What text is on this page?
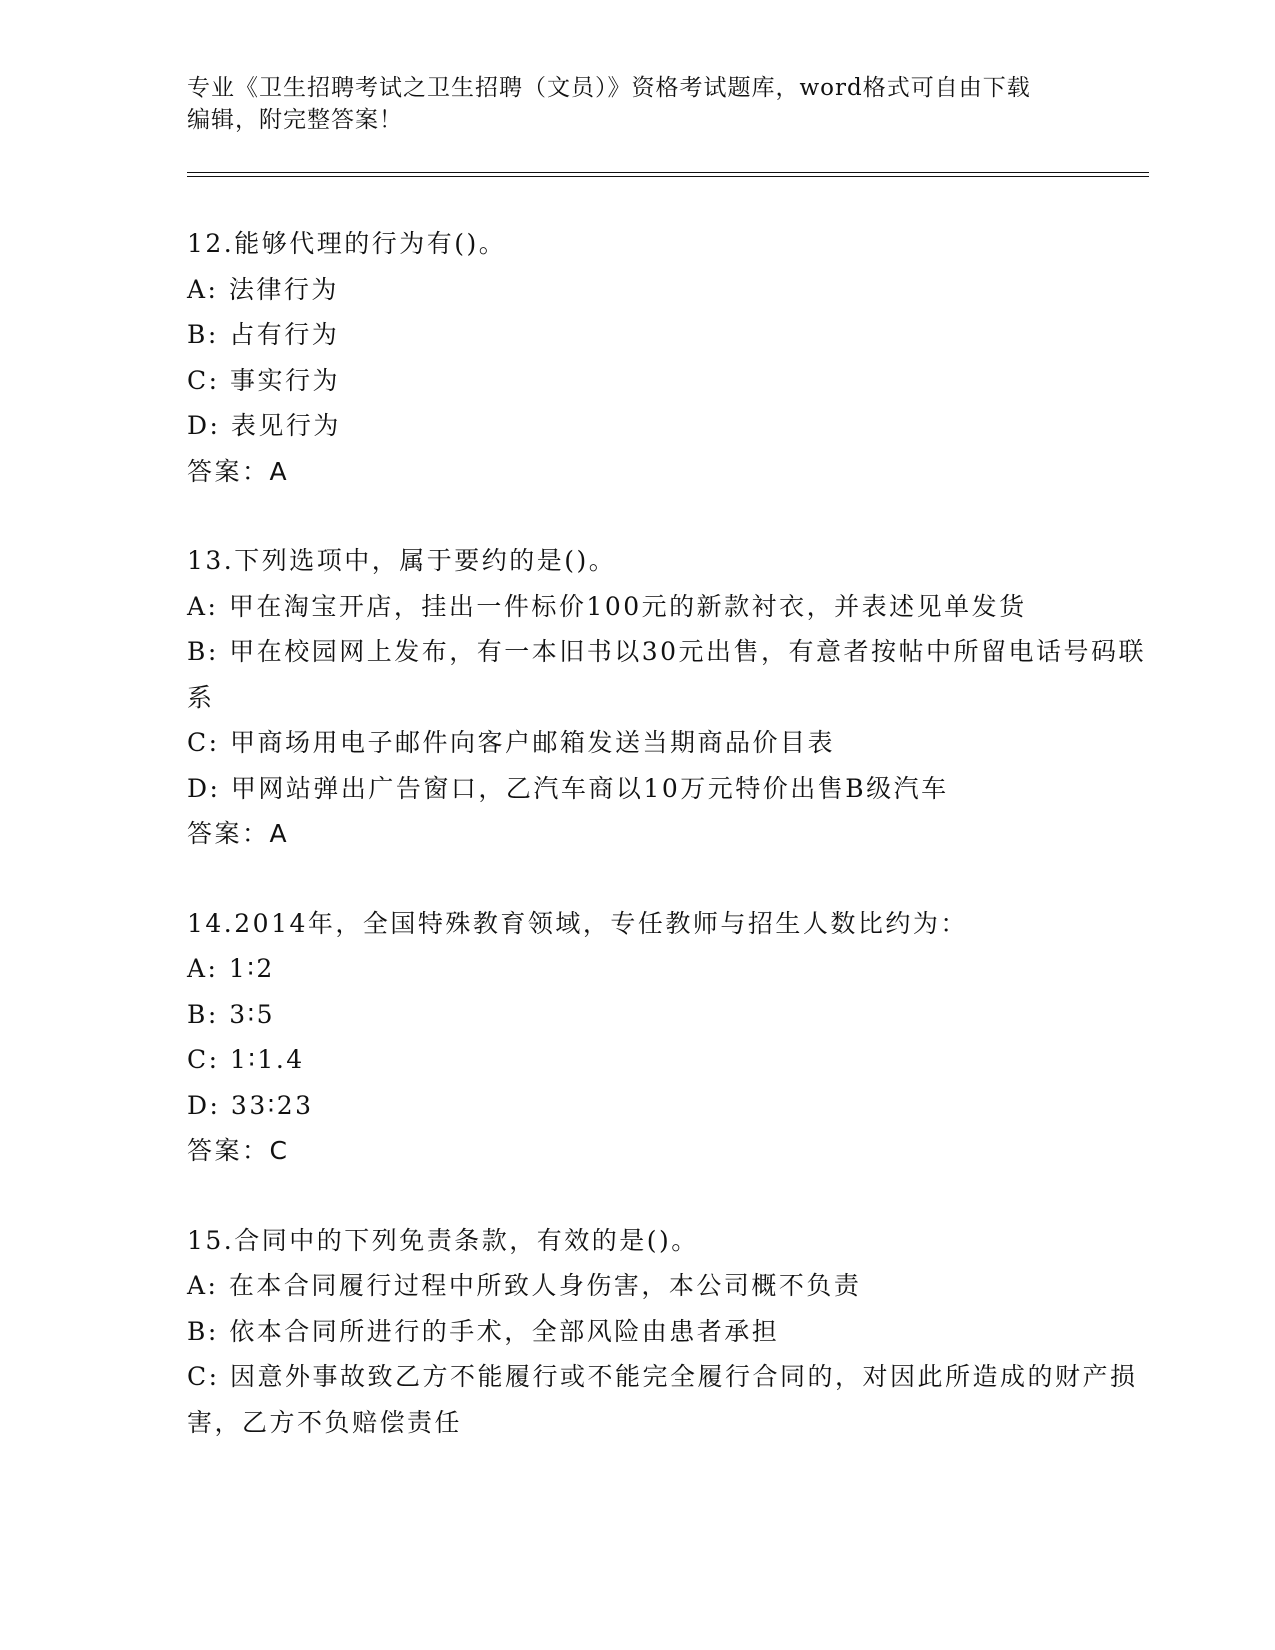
专业《卫生招聘考试之卫生招聘（文员）》资格考试题库，word格式可自由下载
编辑，附完整答案！
12.能够代理的行为有()。
A: 法律行为
B: 占有行为
C: 事实行为
D: 表见行为
答案：A
13.下列选项中，属于要约的是()。
A: 甲在淘宝开店，挂出一件标价100元的新款衬衣，并表述见单发货
B: 甲在校园网上发布，有一本旧书以30元出售，有意者按帖中所留电话号码联系
C: 甲商场用电子邮件向客户邮箱发送当期商品价目表
D: 甲网站弹出广告窗口，乙汽车商以10万元特价出售B级汽车
答案：A
14.2014年，全国特殊教育领域，专任教师与招生人数比约为：
A: 1∶2
B: 3∶5
C: 1∶1.4
D: 33∶23
答案：C
15.合同中的下列免责条款，有效的是()。
A: 在本合同履行过程中所致人身伤害，本公司概不负责
B: 依本合同所进行的手术，全部风险由患者承担
C: 因意外事故致乙方不能履行或不能完全履行合同的，对因此所造成的财产损害，乙方不负赔偿责任
